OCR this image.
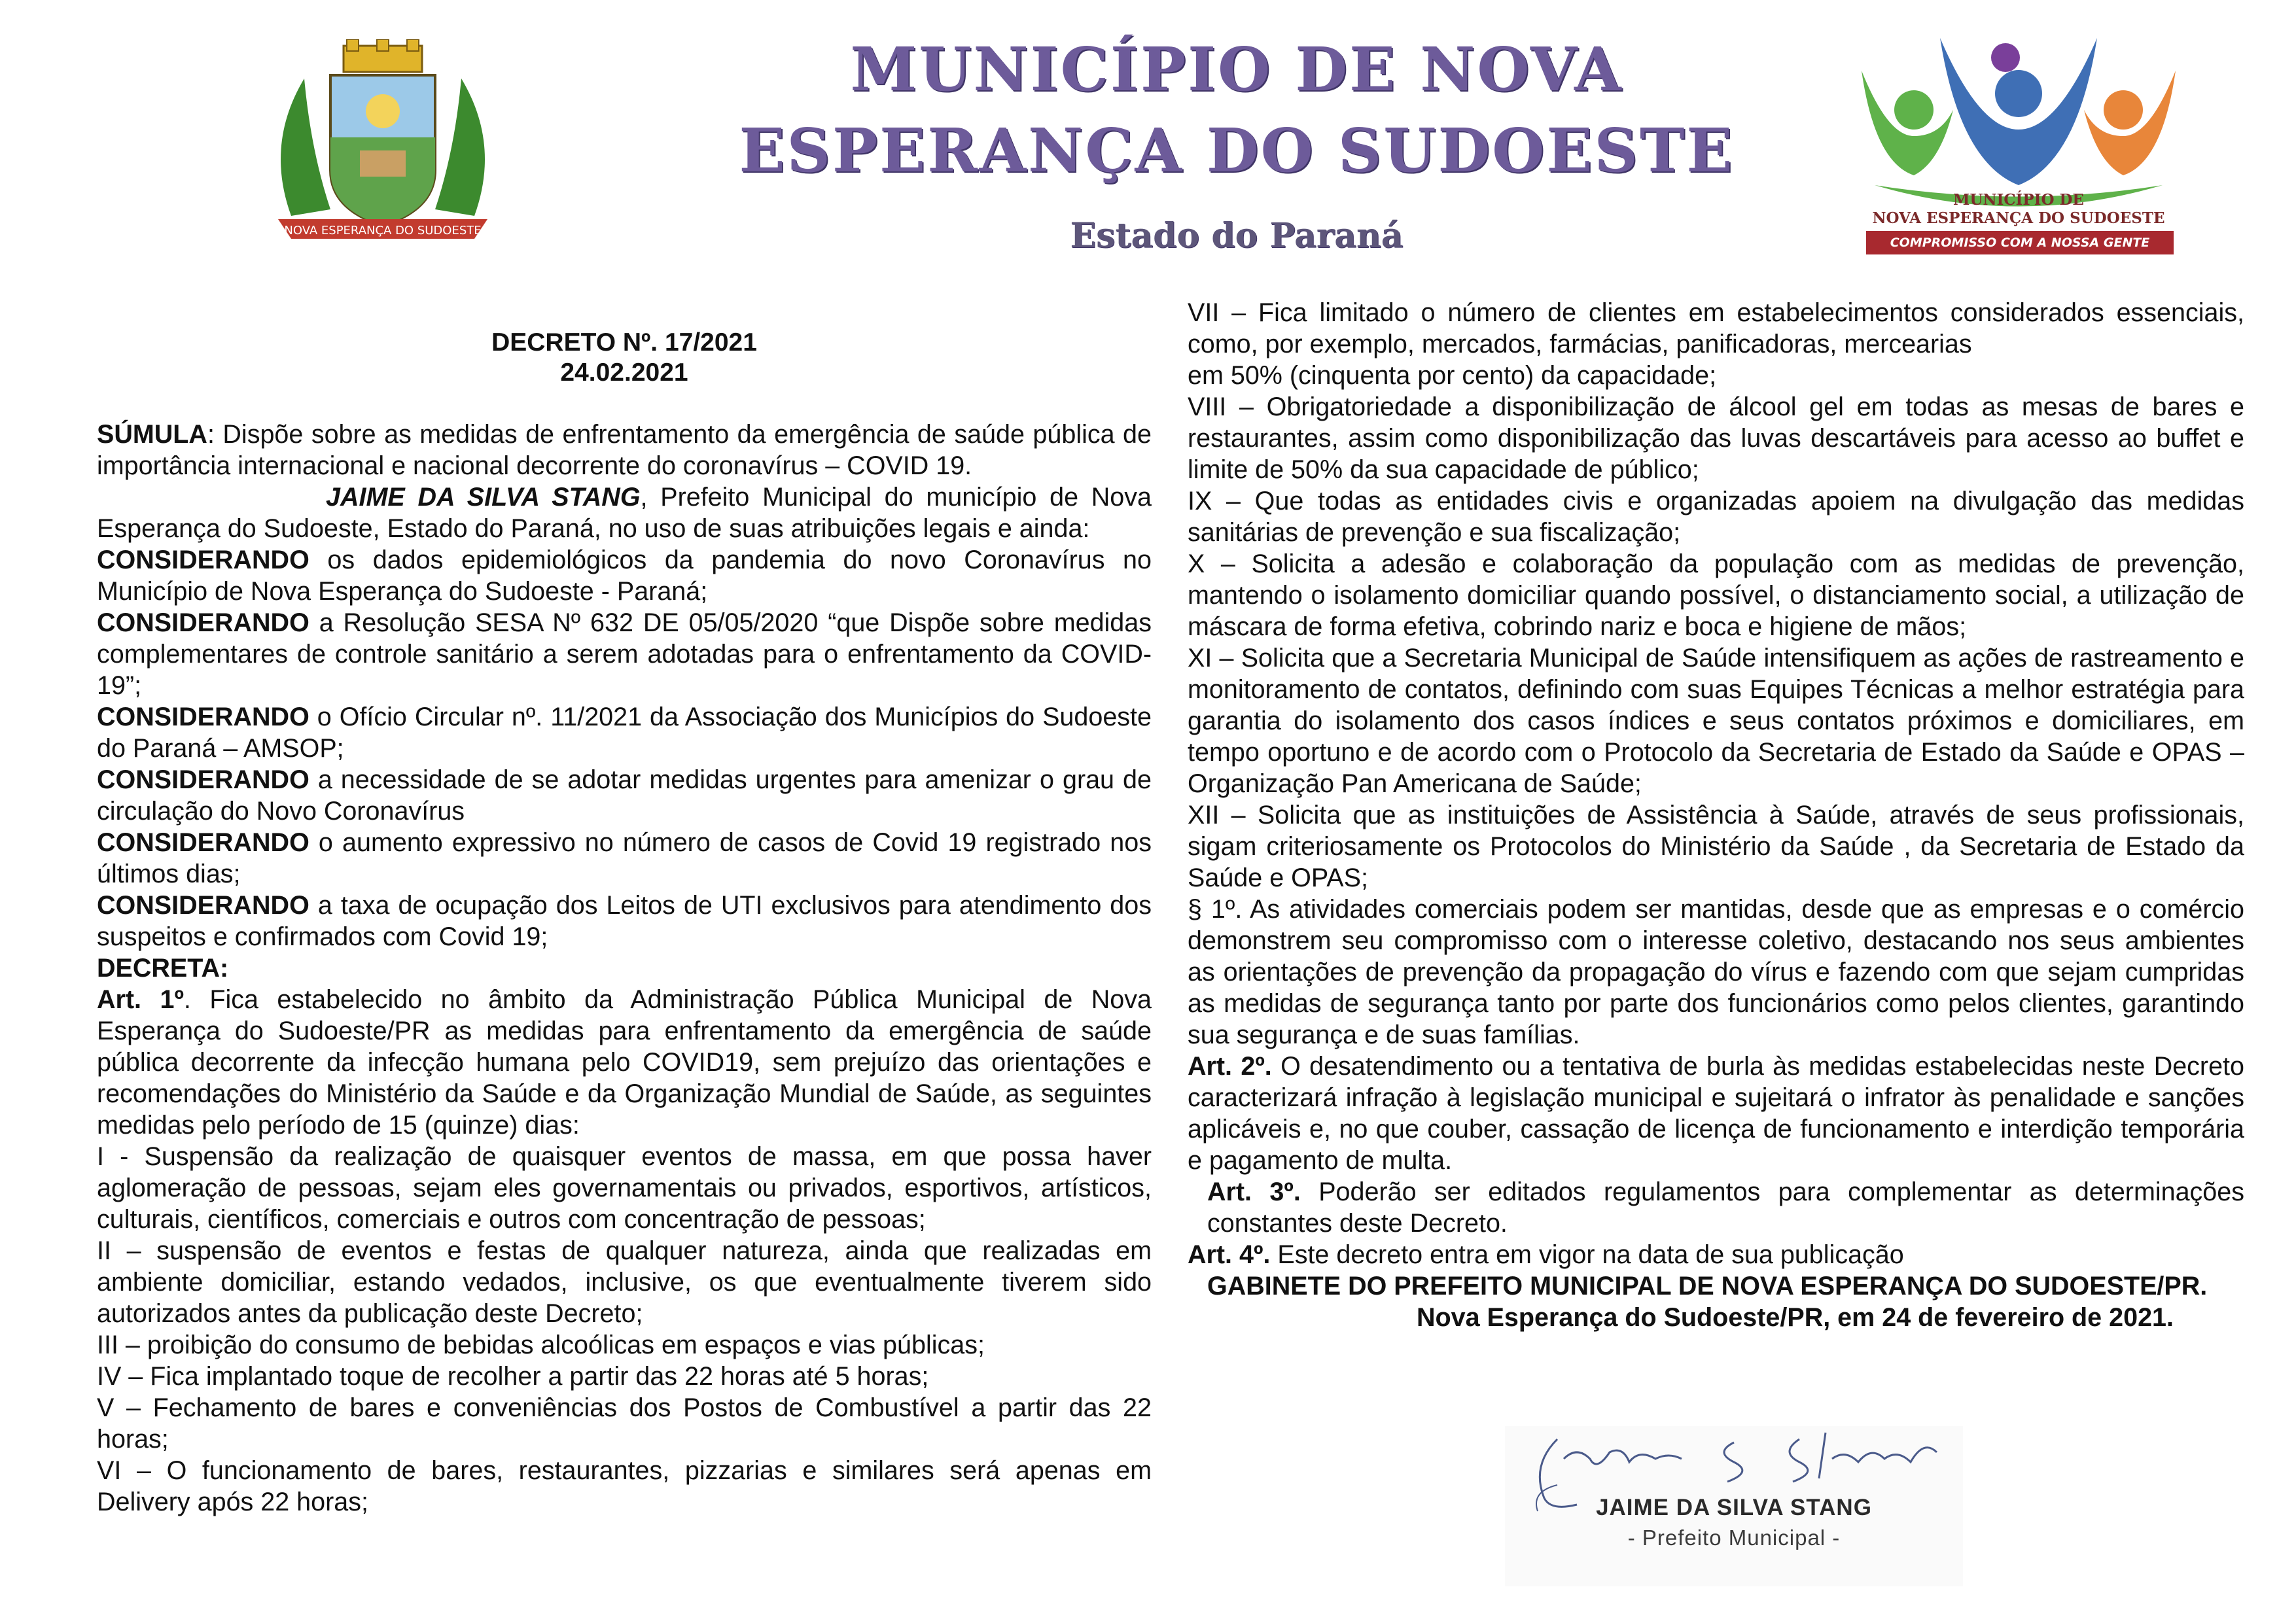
NOVA ESPERANÇA DO SUDOESTE
MUNICÍPIO DE NOVA
ESPERANÇA DO SUDOESTE
Estado do Paraná
MUNICÍPIO DE
NOVA ESPERANÇA DO SUDOESTE
COMPROMISSO COM A NOSSA GENTE
DECRETO Nº. 17/2021
24.02.2021

SÚMULA: Dispõe sobre as medidas de enfrentamento da emergência de saúde pública de importância internacional e nacional decorrente do coronavírus – COVID 19.

JAIME DA SILVA STANG, Prefeito Municipal do município de Nova Esperança do Sudoeste, Estado do Paraná, no uso de suas atribuições legais e ainda:

CONSIDERANDO os dados epidemiológicos da pandemia do novo Coronavírus no Município de Nova Esperança do Sudoeste - Paraná;

CONSIDERANDO a Resolução SESA Nº 632 DE 05/05/2020 “que Dispõe sobre medidas complementares de controle sanitário a serem adotadas para o enfrentamento da COVID-19”;

CONSIDERANDO o Ofício Circular nº. 11/2021 da Associação dos Municípios do Sudoeste do Paraná – AMSOP;

CONSIDERANDO a necessidade de se adotar medidas urgentes para amenizar o grau de circulação do Novo Coronavírus

CONSIDERANDO o aumento expressivo no número de casos de Covid 19 registrado nos últimos dias;

CONSIDERANDO a taxa de ocupação dos Leitos de UTI exclusivos para atendimento dos suspeitos e confirmados com Covid 19;

DECRETA:

Art. 1º. Fica estabelecido no âmbito da Administração Pública Municipal de Nova Esperança do Sudoeste/PR as medidas para enfrentamento da emergência de saúde pública decorrente da infecção humana pelo COVID19, sem prejuízo das orientações e recomendações do Ministério da Saúde e da Organização Mundial de Saúde, as seguintes medidas pelo período de 15 (quinze) dias:

I - Suspensão da realização de quaisquer eventos de massa, em que possa haver aglomeração de pessoas, sejam eles governamentais ou privados, esportivos, artísticos, culturais, científicos, comerciais e outros com concentração de pessoas;

II – suspensão de eventos e festas de qualquer natureza, ainda que realizadas em ambiente domiciliar, estando vedados, inclusive, os que eventualmente tiverem sido autorizados antes da publicação deste Decreto;

III – proibição do consumo de bebidas alcoólicas em espaços e vias públicas;

IV – Fica implantado toque de recolher a partir das 22 horas até 5 horas;

V – Fechamento de bares e conveniências dos Postos de Combustível a partir das 22 horas;

VI – O funcionamento de bares, restaurantes, pizzarias e similares será apenas em Delivery após 22 horas;

VII – Fica limitado o número de clientes em estabelecimentos considerados essenciais, como, por exemplo, mercados, farmácias, panificadoras, mercearias
em 50% (cinquenta por cento) da capacidade;

VIII – Obrigatoriedade a disponibilização de álcool gel em todas as mesas de bares e restaurantes, assim como disponibilização das luvas descartáveis para acesso ao buffet e limite de 50% da sua capacidade de público;

IX – Que todas as entidades civis e organizadas apoiem na divulgação das medidas sanitárias de prevenção e sua fiscalização;

X – Solicita a adesão e colaboração da população com as medidas de prevenção, mantendo o isolamento domiciliar quando possível, o distanciamento social, a utilização de máscara de forma efetiva, cobrindo nariz e boca e higiene de mãos;

XI – Solicita que a Secretaria Municipal de Saúde intensifiquem as ações de rastreamento e monitoramento de contatos, definindo com suas Equipes Técnicas a melhor estratégia para garantia do isolamento dos casos índices e seus contatos próximos e domiciliares, em tempo oportuno e de acordo com o Protocolo da Secretaria de Estado da Saúde e OPAS – Organização Pan Americana de Saúde;

XII – Solicita que as instituições de Assistência à Saúde, através de seus profissionais, sigam criteriosamente os Protocolos do Ministério da Saúde , da Secretaria de Estado da Saúde e OPAS;

§ 1º. As atividades comerciais podem ser mantidas, desde que as empresas e o comércio demonstrem seu compromisso com o interesse coletivo, destacando nos seus ambientes as orientações de prevenção da propagação do vírus e fazendo com que sejam cumpridas as medidas de segurança tanto por parte dos funcionários como pelos clientes, garantindo sua segurança e de suas famílias.

Art. 2º. O desatendimento ou a tentativa de burla às medidas estabelecidas neste Decreto caracterizará infração à legislação municipal e sujeitará o infrator às penalidade e sanções aplicáveis e, no que couber, cassação de licença de funcionamento e interdição temporária e pagamento de multa.

Art. 3º. Poderão ser editados regulamentos para complementar as determinações constantes deste Decreto.

Art. 4º. Este decreto entra em vigor na data de sua publicação

GABINETE DO PREFEITO MUNICIPAL DE NOVA ESPERANÇA DO SUDOESTE/PR.

Nova Esperança do Sudoeste/PR, em 24 de fevereiro de 2021.

JAIME DA SILVA STANG
- Prefeito Municipal -
